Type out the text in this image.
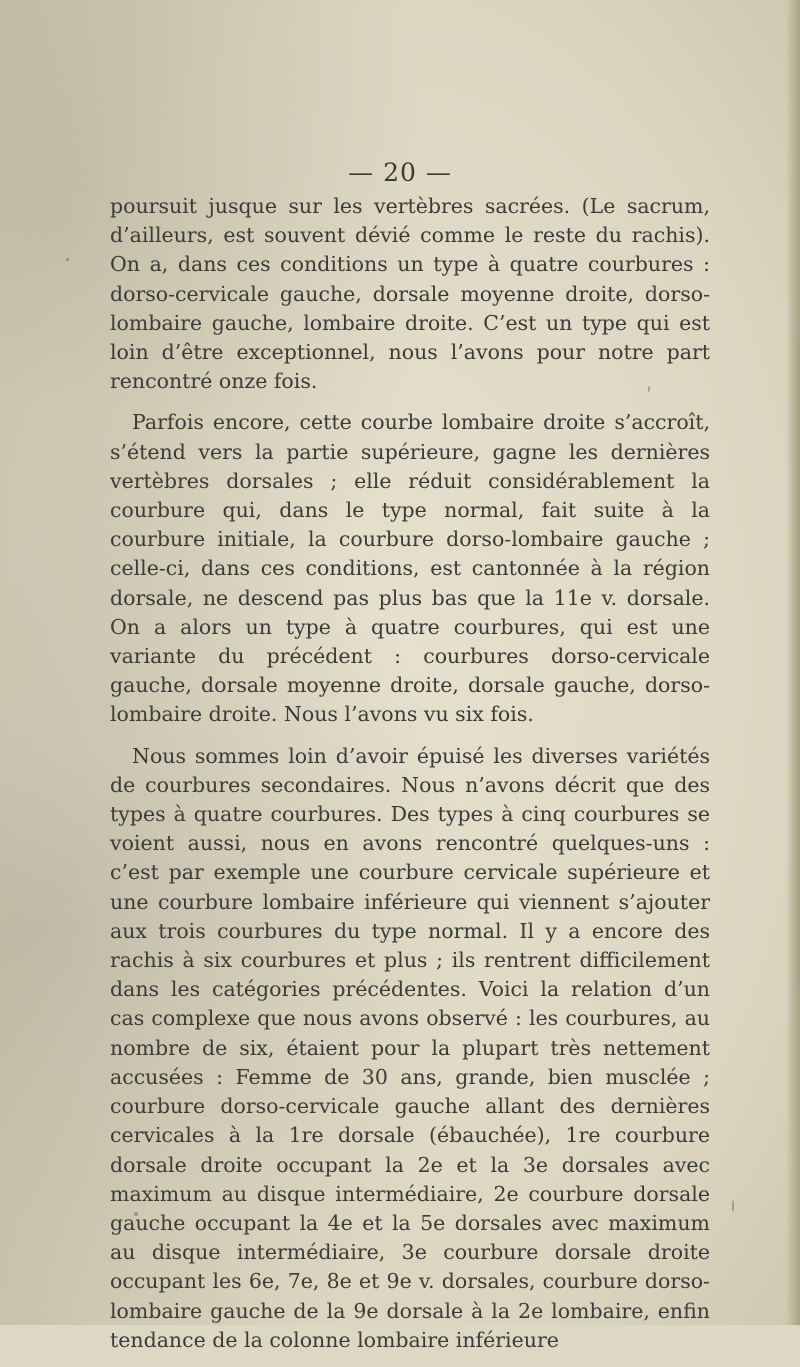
— 20 —

poursuit jusque sur les vertèbres sacrées. (Le sacrum, d’ailleurs, est souvent dévié comme le reste du rachis). On a, dans ces conditions un type à quatre courbures : dorso-cervicale gauche, dorsale moyenne droite, dorso-lombaire gauche, lombaire droite. C’est un type qui est loin d’être exceptionnel, nous l’avons pour notre part rencontré onze fois.

Parfois encore, cette courbe lombaire droite s’accroît, s’étend vers la partie supérieure, gagne les dernières vertèbres dorsales ; elle réduit considérablement la courbure qui, dans le type normal, fait suite à la courbure initiale, la courbure dorso-lombaire gauche ; celle-ci, dans ces conditions, est cantonnée à la région dorsale, ne descend pas plus bas que la 11e v. dorsale. On a alors un type à quatre courbures, qui est une variante du précédent : courbures dorso-cervicale gauche, dorsale moyenne droite, dorsale gauche, dorso-lombaire droite. Nous l’avons vu six fois.

Nous sommes loin d’avoir épuisé les diverses variétés de courbures secondaires. Nous n’avons décrit que des types à quatre courbures. Des types à cinq courbures se voient aussi, nous en avons rencontré quelques-uns : c’est par exemple une courbure cervicale supérieure et une courbure lombaire inférieure qui viennent s’ajouter aux trois courbures du type normal. Il y a encore des rachis à six courbures et plus ; ils rentrent difficilement dans les catégories précédentes. Voici la relation d’un cas complexe que nous avons observé : les courbures, au nombre de six, étaient pour la plupart très nettement accusées : Femme de 30 ans, grande, bien musclée ; courbure dorso-cervicale gauche allant des dernières cervicales à la 1re dorsale (ébauchée), 1re courbure dorsale droite occupant la 2e et la 3e dorsales avec maximum au disque intermédiaire, 2e courbure dorsale gauche occupant la 4e et la 5e dorsales avec maximum au disque intermédiaire, 3e courbure dorsale droite occupant les 6e, 7e, 8e et 9e v. dorsales, courbure dorso-lombaire gauche de la 9e dorsale à la 2e lombaire, enfin tendance de la colonne lombaire inférieure
